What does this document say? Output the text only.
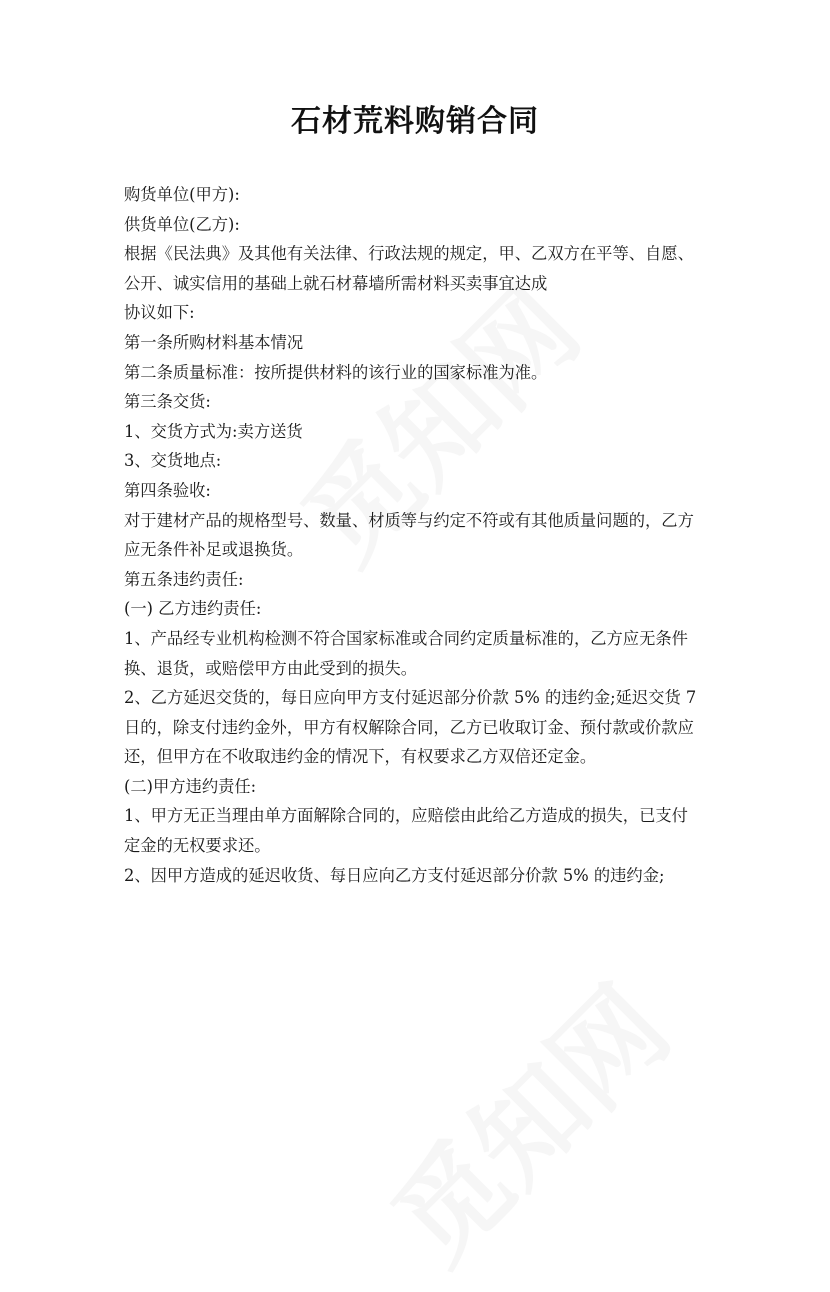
石材荒料购销合同
购货单位(甲方):
供货单位(乙方):
根据《民法典》及其他有关法律、行政法规的规定，甲、乙双方在平等、自愿、
公开、诚实信用的基础上就石材幕墙所需材料买卖事宜达成
协议如下:
第一条所购材料基本情况
第二条质量标准：按所提供材料的该行业的国家标准为准。
第三条交货:
1、交货方式为:卖方送货
3、交货地点:
第四条验收:
对于建材产品的规格型号、数量、材质等与约定不符或有其他质量问题的，乙方
应无条件补足或退换货。
第五条违约责任:
(一) 乙方违约责任:
1、产品经专业机构检测不符合国家标准或合同约定质量标准的，乙方应无条件
换、退货，或赔偿甲方由此受到的损失。
2、乙方延迟交货的，每日应向甲方支付延迟部分价款 5% 的违约金;延迟交货 7
日的，除支付违约金外，甲方有权解除合同，乙方已收取订金、预付款或价款应
还，但甲方在不收取违约金的情况下，有权要求乙方双倍还定金。
(二)甲方违约责任:
1、甲方无正当理由单方面解除合同的，应赔偿由此给乙方造成的损失，已支付
定金的无权要求还。
2、因甲方造成的延迟收货、每日应向乙方支付延迟部分价款 5% 的违约金;
